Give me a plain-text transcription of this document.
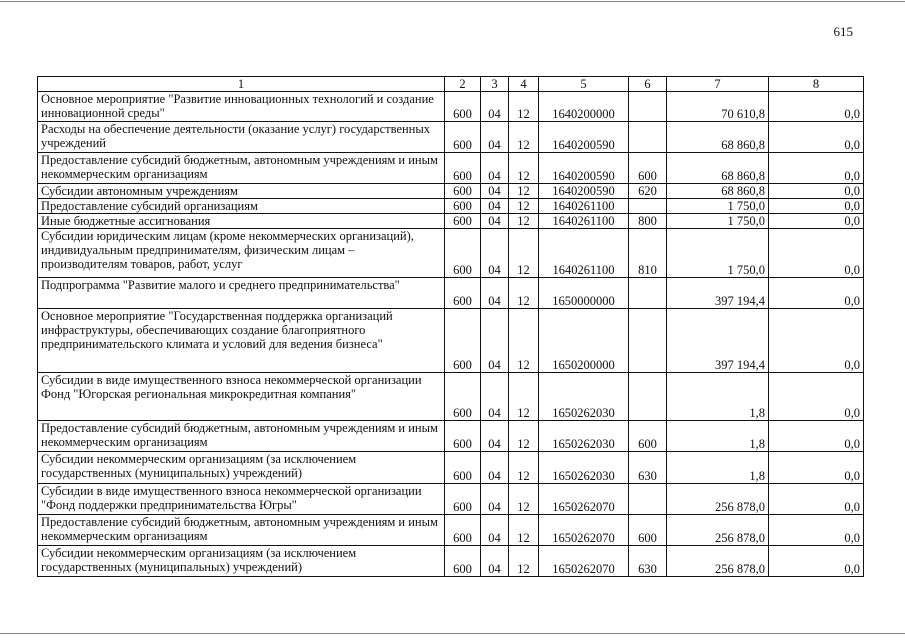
615
1	2	3	4	5	6	7	8
Основное мероприятие "Развитие инновационных технологий и создание инновационной среды"	600	04	12	1640200000		70 610,8	0,0
Расходы на обеспечение деятельности (оказание услуг) государственных учреждений	600	04	12	1640200590		68 860,8	0,0
Предоставление субсидий бюджетным, автономным учреждениям и иным некоммерческим организациям	600	04	12	1640200590	600	68 860,8	0,0
Субсидии автономным учреждениям	600	04	12	1640200590	620	68 860,8	0,0
Предоставление субсидий организациям	600	04	12	1640261100		1 750,0	0,0
Иные бюджетные ассигнования	600	04	12	1640261100	800	1 750,0	0,0
Субсидии юридическим лицам (кроме некоммерческих организаций), индивидуальным предпринимателям, физическим лицам – производителям товаров, работ, услуг	600	04	12	1640261100	810	1 750,0	0,0
Подпрограмма "Развитие малого и среднего предпринимательства"	600	04	12	1650000000		397 194,4	0,0
Основное мероприятие "Государственная поддержка организаций инфраструктуры, обеспечивающих создание благоприятного предпринимательского климата и условий для ведения бизнеса"	600	04	12	1650200000		397 194,4	0,0
Субсидии в виде имущественного взноса некоммерческой организации Фонд "Югорская региональная микрокредитная компания"	600	04	12	1650262030		1,8	0,0
Предоставление субсидий бюджетным, автономным учреждениям и иным некоммерческим организациям	600	04	12	1650262030	600	1,8	0,0
Субсидии некоммерческим организациям (за исключением государственных (муниципальных) учреждений)	600	04	12	1650262030	630	1,8	0,0
Субсидии в виде имущественного взноса некоммерческой организации "Фонд поддержки предпринимательства Югры"	600	04	12	1650262070		256 878,0	0,0
Предоставление субсидий бюджетным, автономным учреждениям и иным некоммерческим организациям	600	04	12	1650262070	600	256 878,0	0,0
Субсидии некоммерческим организациям (за исключением государственных (муниципальных) учреждений)	600	04	12	1650262070	630	256 878,0	0,0
